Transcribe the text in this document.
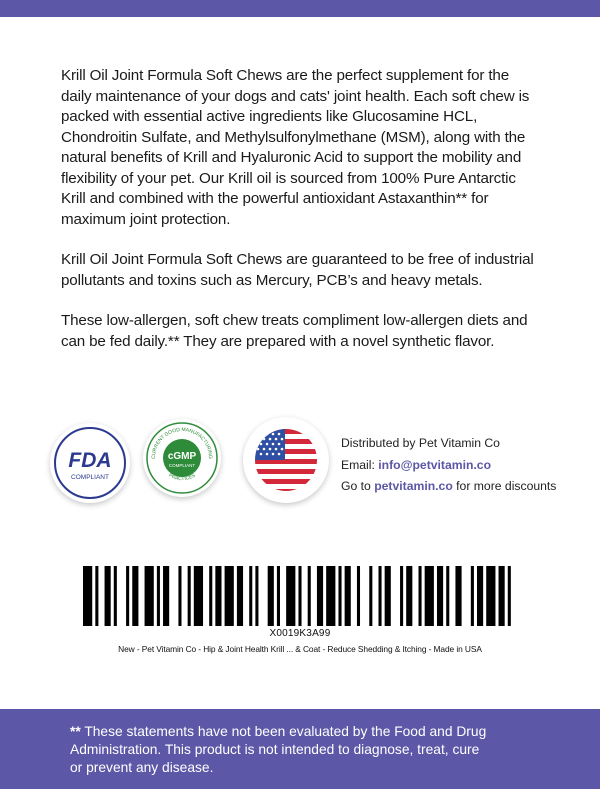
Krill Oil Joint Formula Soft Chews are the perfect supplement for the daily maintenance of your dogs and cats' joint health. Each soft chew is packed with essential active ingredients like Glucosamine HCL, Chondroitin Sulfate, and Methylsulfonylmethane (MSM), along with the natural benefits of Krill and Hyaluronic Acid to support the mobility and flexibility of your pet. Our Krill oil is sourced from 100% Pure Antarctic Krill and combined with the powerful antioxidant Astaxanthin** for maximum joint protection.

Krill Oil Joint Formula Soft Chews are guaranteed to be free of industrial pollutants and toxins such as Mercury, PCB’s and heavy metals.

These low-allergen, soft chew treats compliment low-allergen diets and can be fed daily.** They are prepared with a novel synthetic flavor.

FDA
COMPLIANT
CURRENT GOOD MANUFACTURING
PRACTICES
cGMP
COMPLIANT
Distributed by Pet Vitamin Co
Email: info@petvitamin.co
Go to petvitamin.co for more discounts
X0019K3A99
New - Pet Vitamin Co - Hip & Joint Health Krill ... & Coat - Reduce Shedding & Itching - Made in USA
** These statements have not been evaluated by the Food and Drug Administration. This product is not intended to diagnose, treat, cure or prevent any disease.
